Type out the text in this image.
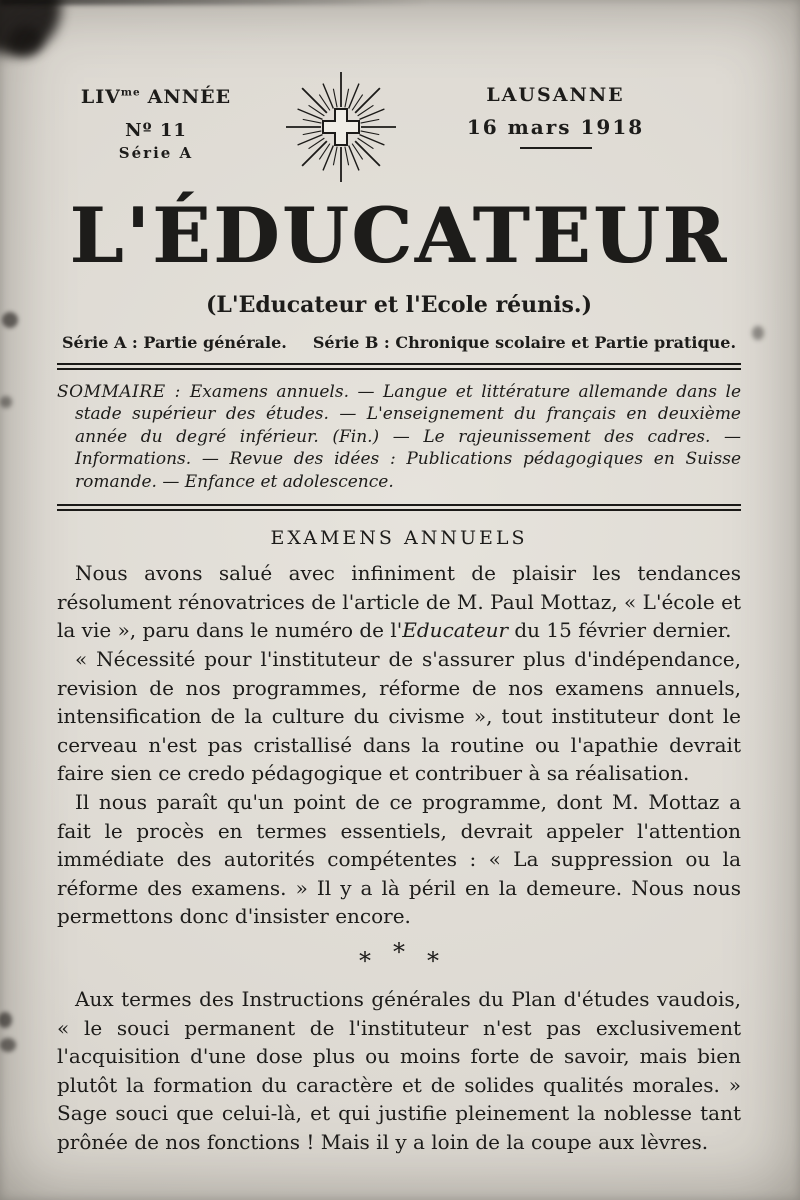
$LIV^{me}$ ANNÉE
Nº 11
Série A
LAUSANNE
16 mars 1918
L'ÉDUCATEUR
(L'Educateur et l'Ecole réunis.)
Série A : Partie générale. Série B : Chronique scolaire et Partie pratique.

SOMMAIRE : Examens annuels. — Langue et littérature allemande dans le stade supérieur des études. — L'enseignement du français en deuxième année du degré inférieur. (Fin.) — Le rajeunissement des cadres. — Informations. — Revue des idées : Publications pédagogiques en Suisse romande. — Enfance et adolescence.

EXAMENS ANNUELS

Nous avons salué avec infiniment de plaisir les tendances résolument rénovatrices de l'article de M. Paul Mottaz, « L'école et la vie », paru dans le numéro de l'Educateur du 15 février dernier.

« Nécessité pour l'instituteur de s'assurer plus d'indépendance, revision de nos programmes, réforme de nos examens annuels, intensification de la culture du civisme », tout instituteur dont le cerveau n'est pas cristallisé dans la routine ou l'apathie devrait faire sien ce credo pédagogique et contribuer à sa réalisation.

Il nous paraît qu'un point de ce programme, dont M. Mottaz a fait le procès en termes essentiels, devrait appeler l'attention immédiate des autorités compétentes : « La suppression ou la réforme des examens. » Il y a là péril en la demeure. Nous nous permettons donc d'insister encore.

* * *

Aux termes des Instructions générales du Plan d'études vaudois, « le souci permanent de l'instituteur n'est pas exclusivement l'acquisition d'une dose plus ou moins forte de savoir, mais bien plutôt la formation du caractère et de solides qualités morales. » Sage souci que celui-là, et qui justifie pleinement la noblesse tant prônée de nos fonctions ! Mais il y a loin de la coupe aux lèvres.
